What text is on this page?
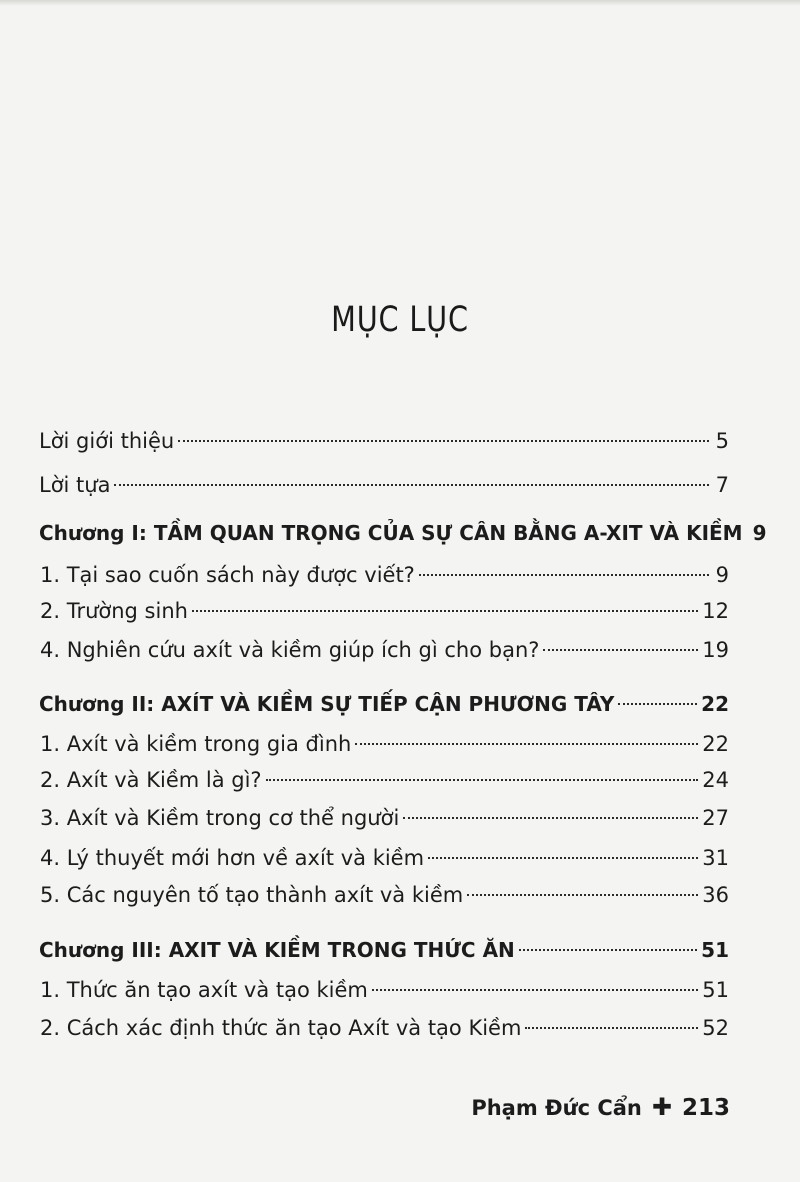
MỤC LỤC
Lời giới thiệu	5
Lời tựa	7
Chương I: TẦM QUAN TRỌNG CỦA SỰ CÂN BẰNG A-XIT VÀ KIỀM 9
1. Tại sao cuốn sách này được viết?	9
2. Trường sinh	12
4. Nghiên cứu axít và kiềm giúp ích gì cho bạn?	19
Chương II: AXÍT VÀ KIỀM SỰ TIẾP CẬN PHƯƠNG TÂY	22
1. Axít và kiềm trong gia đình	22
2. Axít và Kiềm là gì?	24
3. Axít và Kiềm trong cơ thể người	27
4. Lý thuyết mới hơn về axít và kiềm	31
5. Các nguyên tố tạo thành axít và kiềm	36
Chương III: AXIT VÀ KIỀM TRONG THỨC ĂN	51
1. Thức ăn tạo axít và tạo kiềm	51
2. Cách xác định thức ăn tạo Axít và tạo Kiềm	52
Phạm Đức Cẩn ✚ 213
